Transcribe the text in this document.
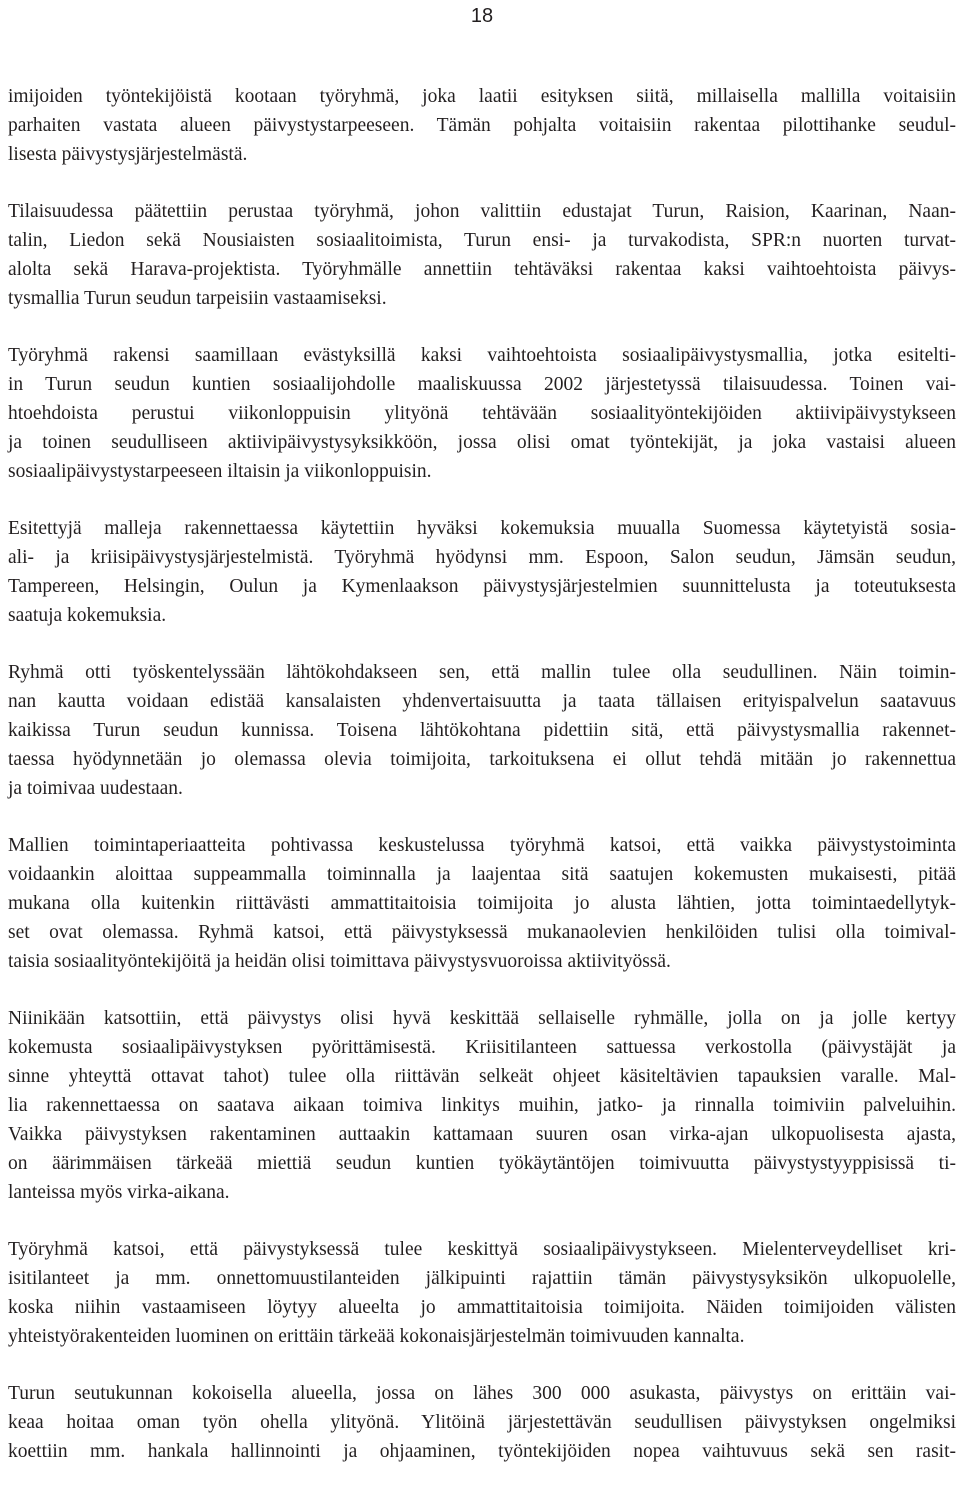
18

imijoiden työntekijöistä kootaan työryhmä, joka laatii esityksen siitä, millaisella mallilla voitaisiin
parhaiten vastata alueen päivystystarpeeseen. Tämän pohjalta voitaisiin rakentaa pilottihanke seudul-
lisesta päivystysjärjestelmästä.

Tilaisuudessa päätettiin perustaa työryhmä, johon valittiin edustajat Turun, Raision, Kaarinan, Naan-
talin, Liedon sekä Nousiaisten sosiaalitoimista, Turun ensi- ja turvakodista, SPR:n nuorten turvat-
alolta sekä Harava-projektista. Työryhmälle annettiin tehtäväksi rakentaa kaksi vaihtoehtoista päivys-
tysmallia Turun seudun tarpeisiin vastaamiseksi.

Työryhmä rakensi saamillaan evästyksillä kaksi vaihtoehtoista sosiaalipäivystysmallia, jotka esitelti-
in Turun seudun kuntien sosiaalijohdolle maaliskuussa 2002 järjestetyssä tilaisuudessa. Toinen vai-
htoehdoista perustui viikonloppuisin ylityönä tehtävään sosiaalityöntekijöiden aktiivipäivystykseen
ja toinen seudulliseen aktiivipäivystysyksikköön, jossa olisi omat työntekijät, ja joka vastaisi alueen
sosiaalipäivystystarpeeseen iltaisin ja viikonloppuisin.

Esitettyjä malleja rakennettaessa käytettiin hyväksi kokemuksia muualla Suomessa käytetyistä sosia-
ali- ja kriisipäivystysjärjestelmistä. Työryhmä hyödynsi mm. Espoon, Salon seudun, Jämsän seudun,
Tampereen, Helsingin, Oulun ja Kymenlaakson päivystysjärjestelmien suunnittelusta ja toteutuksesta
saatuja kokemuksia.

Ryhmä otti työskentelyssään lähtökohdakseen sen, että mallin tulee olla seudullinen. Näin toimin-
nan kautta voidaan edistää kansalaisten yhdenvertaisuutta ja taata tällaisen erityispalvelun saatavuus
kaikissa Turun seudun kunnissa. Toisena lähtökohtana pidettiin sitä, että päivystysmallia rakennet-
taessa hyödynnetään jo olemassa olevia toimijoita, tarkoituksena ei ollut tehdä mitään jo rakennettua
ja toimivaa uudestaan.

Mallien toimintaperiaatteita pohtivassa keskustelussa työryhmä katsoi, että vaikka päivystystoiminta
voidaankin aloittaa suppeammalla toiminnalla ja laajentaa sitä saatujen kokemusten mukaisesti, pitää
mukana olla kuitenkin riittävästi ammattitaitoisia toimijoita jo alusta lähtien, jotta toimintaedellytyk-
set ovat olemassa. Ryhmä katsoi, että päivystyksessä mukanaolevien henkilöiden tulisi olla toimival-
taisia sosiaalityöntekijöitä ja heidän olisi toimittava päivystysvuoroissa aktiivityössä.

Niinikään katsottiin, että päivystys olisi hyvä keskittää sellaiselle ryhmälle, jolla on ja jolle kertyy
kokemusta sosiaalipäivystyksen pyörittämisestä. Kriisitilanteen sattuessa verkostolla (päivystäjät ja
sinne yhteyttä ottavat tahot) tulee olla riittävän selkeät ohjeet käsiteltävien tapauksien varalle. Mal-
lia rakennettaessa on saatava aikaan toimiva linkitys muihin, jatko- ja rinnalla toimiviin palveluihin.
Vaikka päivystyksen rakentaminen auttaakin kattamaan suuren osan virka-ajan ulkopuolisesta ajasta,
on äärimmäisen tärkeää miettiä seudun kuntien työkäytäntöjen toimivuutta päivystystyyppisissä ti-
lanteissa myös virka-aikana.

Työryhmä katsoi, että päivystyksessä tulee keskittyä sosiaalipäivystykseen. Mielenterveydelliset kri-
isitilanteet ja mm. onnettomuustilanteiden jälkipuinti rajattiin tämän päivystysyksikön ulkopuolelle,
koska niihin vastaamiseen löytyy alueelta jo ammattitaitoisia toimijoita. Näiden toimijoiden välisten
yhteistyörakenteiden luominen on erittäin tärkeää kokonaisjärjestelmän toimivuuden kannalta.

Turun seutukunnan kokoisella alueella, jossa on lähes 300 000 asukasta, päivystys on erittäin vai-
keaa hoitaa oman työn ohella ylityönä. Ylitöinä järjestettävän seudullisen päivystyksen ongelmiksi
koettiin mm. hankala hallinnointi ja ohjaaminen, työntekijöiden nopea vaihtuvuus sekä sen rasit-
